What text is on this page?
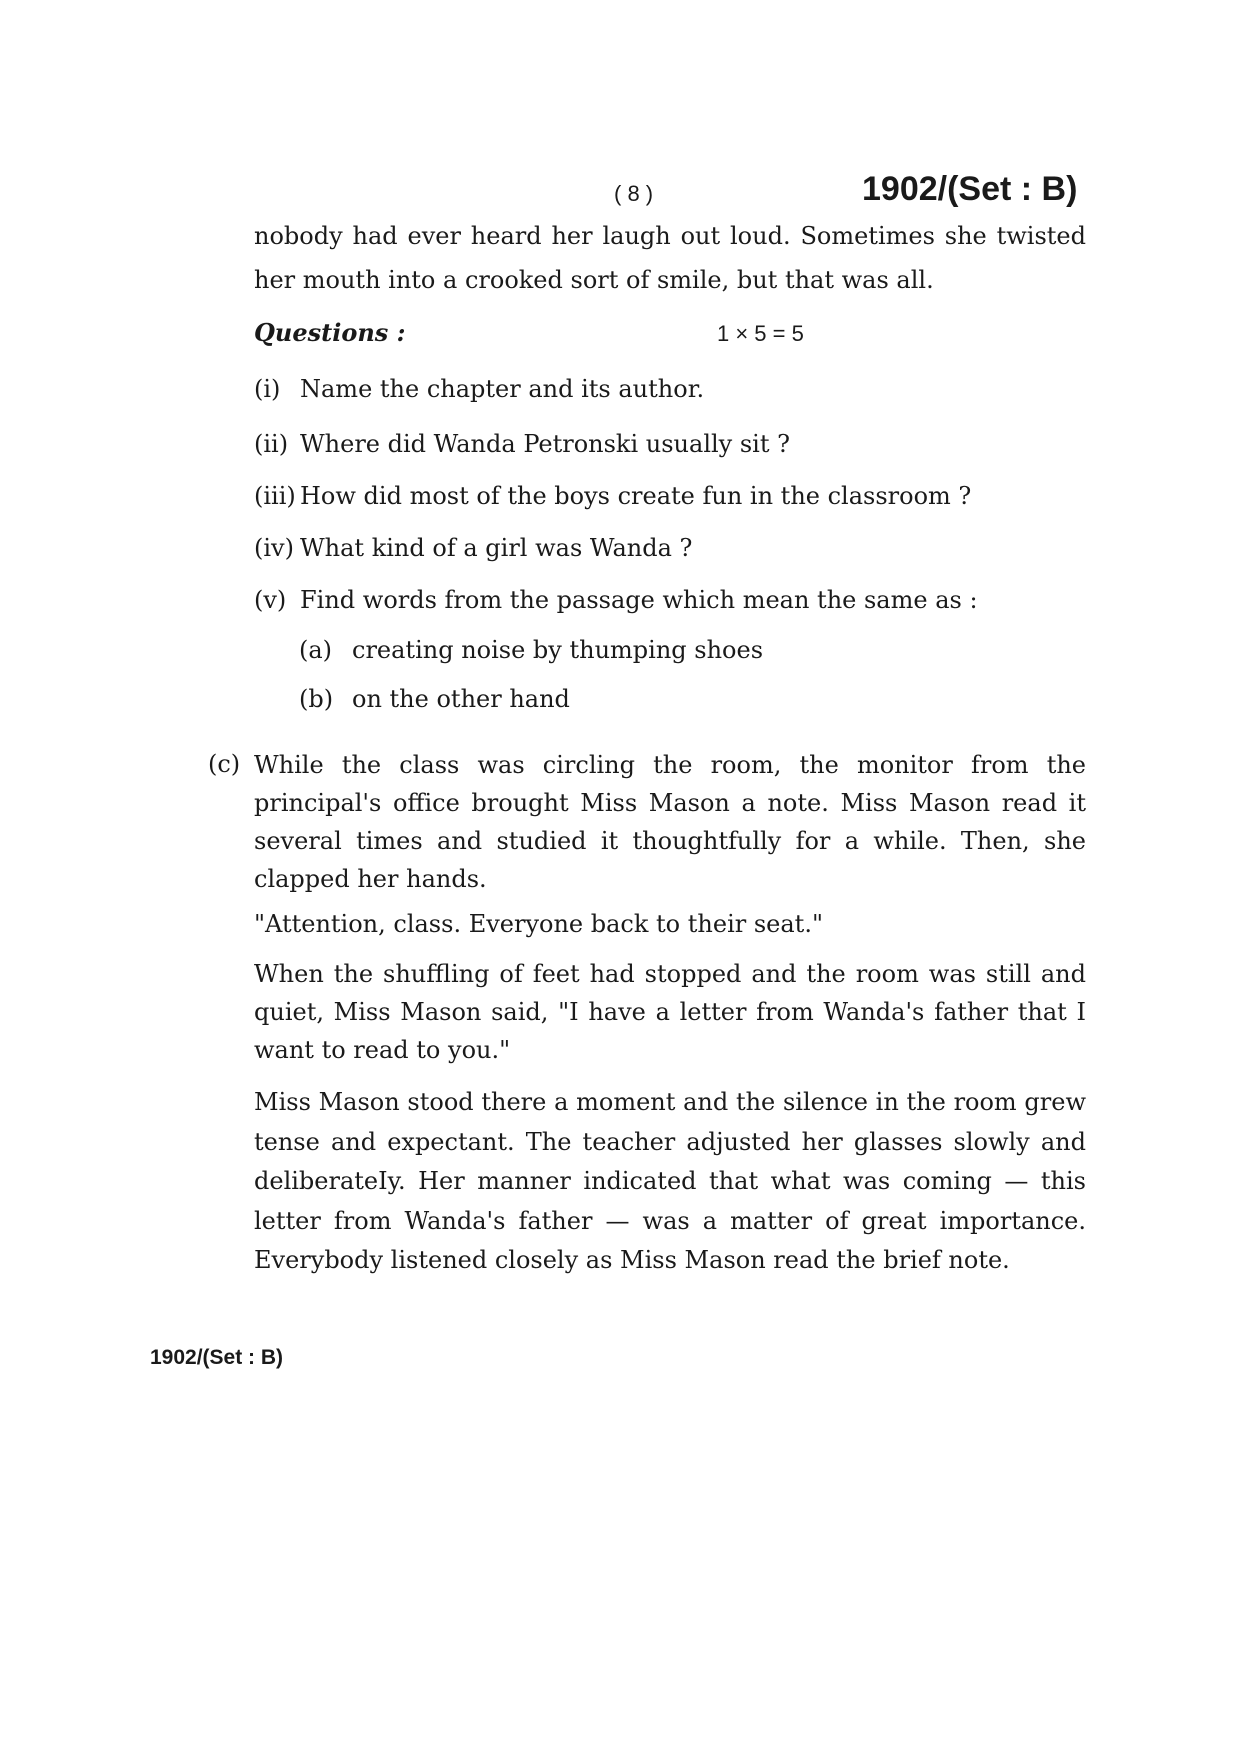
( 8 )	1902/(Set : B)
nobody had ever heard her laugh out loud. Sometimes she twisted
her mouth into a crooked sort of smile, but that was all.
Questions :	1 × 5 = 5
(i) Name the chapter and its author.
(ii) Where did Wanda Petronski usually sit ?
(iii) How did most of the boys create fun in the classroom ?
(iv) What kind of a girl was Wanda ?
(v) Find words from the passage which mean the same as :
(a) creating noise by thumping shoes
(b) on the other hand
(c) While the class was circling the room, the monitor from the principal's office brought Miss Mason a note. Miss Mason read it several times and studied it thoughtfully for a while. Then, she clapped her hands.

"Attention, class. Everyone back to their seat."

When the shuffling of feet had stopped and the room was still and quiet, Miss Mason said, "I have a letter from Wanda's father that I want to read to you."

Miss Mason stood there a moment and the silence in the room grew tense and expectant. The teacher adjusted her glasses slowly and deliberateIy. Her manner indicated that what was coming — this letter from Wanda's father — was a matter of great importance. Everybody listened closely as Miss Mason read the brief note.

1902/(Set : B)
